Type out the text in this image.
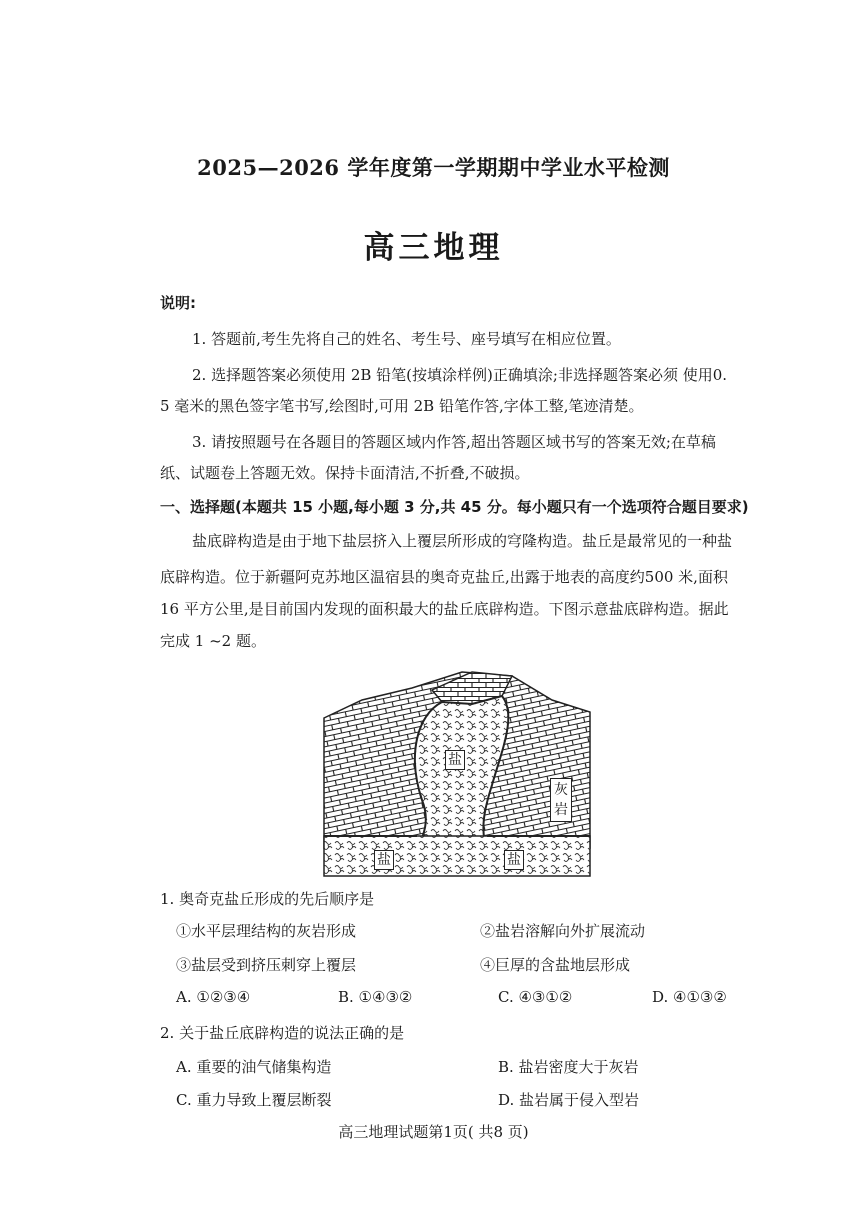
2025—2026 学年度第一学期期中学业水平检测
高三地理
说明:
1. 答题前,考生先将自己的姓名、考生号、座号填写在相应位置。
2. 选择题答案必须使用 2B 铅笔(按填涂样例)正确填涂;非选择题答案必须 使用0.
5 毫米的黑色签字笔书写,绘图时,可用 2B 铅笔作答,字体工整,笔迹清楚。
3. 请按照题号在各题目的答题区域内作答,超出答题区域书写的答案无效;在草稿
纸、试题卷上答题无效。保持卡面清洁,不折叠,不破损。
一、选择题(本题共 15 小题,每小题 3 分,共 45 分。每小题只有一个选项符合题目要求)
盐底辟构造是由于地下盐层挤入上覆层所形成的穹隆构造。盐丘是最常见的一种盐
底辟构造。位于新疆阿克苏地区温宿县的奥奇克盐丘,出露于地表的高度约500 米,面积
16 平方公里,是目前国内发现的面积最大的盐丘底辟构造。下图示意盐底辟构造。据此
完成 1 ~2 题。
盐
灰岩
盐	盐
1. 奥奇克盐丘形成的先后顺序是
①水平层理结构的灰岩形成	②盐岩溶解向外扩展流动
③盐层受到挤压刺穿上覆层	④巨厚的含盐地层形成
A. ①②③④	B. ①④③②	C. ④③①②	D. ④①③②
2. 关于盐丘底辟构造的说法正确的是
A. 重要的油气储集构造	B. 盐岩密度大于灰岩
C. 重力导致上覆层断裂	D. 盐岩属于侵入型岩
高三地理试题第1页( 共8 页)
